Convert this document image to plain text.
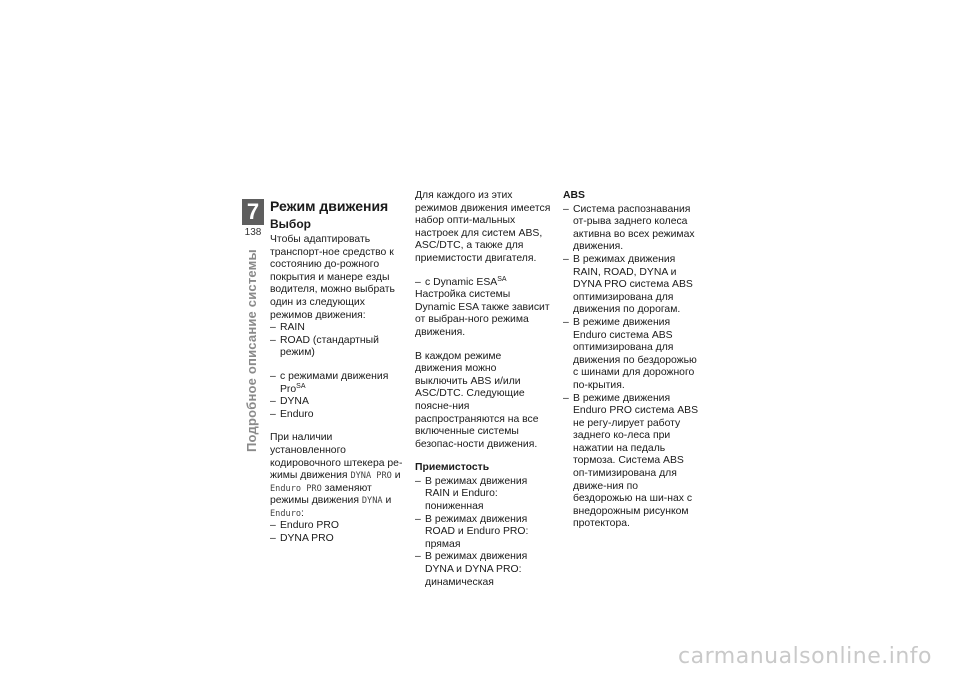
7
138
Подробное описание системы
Режим движения
Выбор

Чтобы адаптировать транспорт-ное средство к состоянию до-рожного покрытия и манере езды водителя, можно выбрать один из следующих режимов движения:

– RAIN
– ROAD (стандартный режим)
– с режимами движения Pro$^{SA}$
– DYNA
– Enduro

При наличии установленного кодировочного штекера ре-жимы движения DYNA PRO и Enduro PRO заменяют режимы движения DYNA и Enduro:

– Enduro PRO
– DYNA PRO

Для каждого из этих режимов движения имеется набор опти-мальных настроек для систем ABS, ASC/DTC, а также для приемистости двигателя.

– с Dynamic $ESA^{SA}$

Настройка системы Dynamic ESA также зависит от выбран-ного режима движения.

В каждом режиме движения можно выключить ABS и/или ASC/DTC. Следующие поясне-ния распространяются на все включенные системы безопас-ности движения.

Приемистость
– В режимах движения RAIN и Enduro: пониженная
– В режимах движения ROAD и Enduro PRO: прямая
– В режимах движения DYNA и DYNA PRO: динамическая
ABS
– Система распознавания от-рыва заднего колеса активна во всех режимах движения.
– В режимах движения RAIN, ROAD, DYNA и DYNA PRO система ABS оптимизирована для движения по дорогам.
– В режиме движения Enduro система ABS оптимизирована для движения по бездорожью с шинами для дорожного по-крытия.
– В режиме движения Enduro PRO система ABS не регу-лирует работу заднего ко-леса при нажатии на педаль тормоза. Система ABS оп-тимизирована для движе-ния по бездорожью на ши-нах с внедорожным рисунком протектора.
carmanualsonline.info
